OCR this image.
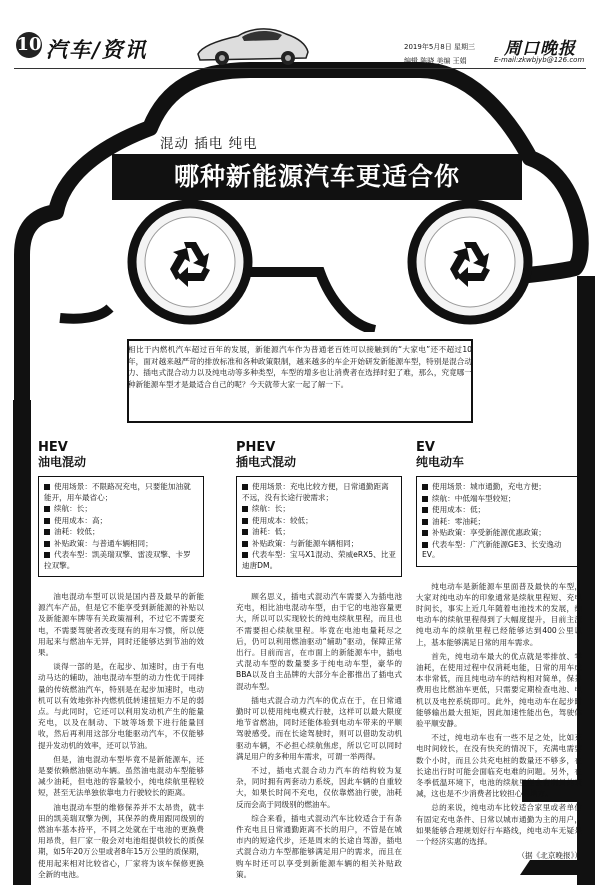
10 汽车/资讯	2019年5月8日 星期三 周口晚报
编辑 陈晓 美编 王娟	E-mail:zkwbjyb@126.com
混动 插电 纯电
哪种新能源汽车更适合你
相比于内燃机汽车超过百年的发展，新能源汽车作为普通老百姓可以接触到的“大家电”还不超过10年，面对越来越严苛的排放标准和各种政策限制，越来越多的车企开始研发新能源车型，特别是混合动力、插电式混合动力以及纯电动等多种类型，车型的增多也让消费者在选择时犯了难，那么，究竟哪一种新能源车型才是最适合自己的呢？今天就带大家一起了解一下。
HEV
油电混动
使用场景：不限路况充电，只要能加油就能开，用车最省心；
续航：长；
使用成本：高；
油耗：较低；
补贴政策：与普通车辆相同；
代表车型：凯美瑞双擎、雷凌双擎、卡罗拉双擎。

油电混动车型可以说是国内普及最早的新能源汽车产品，但是它不能享受到新能源的补贴以及新能源车牌等有关政策福利，不过它不需要充电，不需要驾驶者改变现有的用车习惯，所以使用起来与燃油车无异，同时还能够达到节油的效果。

谈得一部的是，在起步、加速时，由于有电动马达的辅助，油电混动车型的动力性优于同排量的传统燃油汽车，特别是在起步加速时，电动机可以有效地弥补内燃机低转速扭矩力不足的弱点。与此同时，它还可以利用发动机产生的能量充电，以及在制动、下坡等场景下进行能量回收，然后再利用这部分电能驱动汽车，不仅能够提升发动机的效率，还可以节油。

但是，油电混动车型毕竟不是新能源车，还是要依赖燃油驱动车辆。虽然油电混动车型能够减少油耗，但电池的容量较小，纯电续航里程较短，甚至无法单独依靠电力行驶较长的距离。

油电混动车型的维修保养并不太昂贵，就丰田的凯美瑞双擎为例，其保养的费用跟同级别的燃油车基本持平，不同之处就在于电池的更换费用昂贵，但厂家一般会对电池组提供较长的质保期，如5年20万公里或者8年15万公里的质保期，使用起来相对比较省心，厂家将为该车保修更换全新的电池。

PHEV
插电式混动
使用场景：充电比较方便，日常通勤距离不远，没有长途行驶需求；
续航：长；
使用成本：较低；
油耗：低；
补贴政策：与新能源车辆相同；
代表车型：宝马X1混动、荣威eRX5、比亚迪唐DM。

顾名思义，插电式混动汽车需要入为插电池充电，相比油电混动车型，由于它的电池容量更大，所以可以实现较长的纯电续航里程，而且也不需要担心续航里程。毕竟在电池电量耗尽之后，仍可以利用燃油驱动“辅助”驱动，保障正常出行。目前而言，在市面上的新能源车中，插电式混动车型的数量要多于纯电动车型，豪华的BBA以及自主品牌的大部分车企都推出了插电式混动车型。

插电式混合动力汽车的优点在于，在日常通勤时可以使用纯电模式行驶，这样可以最大限度地节省燃油，同时还能体验到电动车带来的平顺驾驶感受。而在长途驾驶时，则可以借助发动机驱动车辆，不必担心续航焦虑，所以它可以同时满足用户的多种用车需求，可谓一举两得。

不过，插电式混合动力汽车的结构较为复杂，同时拥有两套动力系统，因此车辆的自重较大，如果长时间不充电，仅依靠燃油行驶，油耗反而会高于同级别的燃油车。

综合来看，插电式混动汽车比较适合于有条件充电且日常通勤距离不长的用户，不管是在城市内的短途代步，还是周末的长途自驾游，插电式混合动力车型都能够满足用户的需求，而且在购车时还可以享受到新能源车辆的相关补贴政策。

EV
纯电动车
使用场景：城市通勤，充电方便；
续航：中低端车型较短；
使用成本：低；
油耗：零油耗；
补贴政策：享受新能源优惠政策；
代表车型：广汽新能源GE3、长安逸动EV。

纯电动车是新能源车里面普及最快的车型，大家对纯电动车的印象通常是续航里程短、充电时间长，事实上近几年随着电池技术的发展，纯电动车的续航里程得到了大幅度提升，目前主流纯电动车的续航里程已经能够达到400公里以上，基本能够满足日常的用车需求。

首先，纯电动车最大的优点就是零排放、零油耗，在使用过程中仅消耗电能，日常的用车成本非常低，而且纯电动车的结构相对简单，保养费用也比燃油车更低，只需要定期检查电池、电机以及电控系统即可。此外，纯电动车在起步时能够输出最大扭矩，因此加速性能出色，驾驶体验平顺安静。

不过，纯电动车也有一些不足之处，比如充电时间较长，在没有快充的情况下，充满电需要数个小时，而且公共充电桩的数量还不够多，在长途出行时可能会面临充电难的问题。另外，在冬季低温环境下，电池的续航里程会有明显的衰减，这也是不少消费者比较担心的地方。

总的来说，纯电动车比较适合家里或者单位有固定充电条件、日常以城市通勤为主的用户，如果能够合理规划好行车路线，纯电动车无疑是一个经济实惠的选择。

（据《北京晚报》）
